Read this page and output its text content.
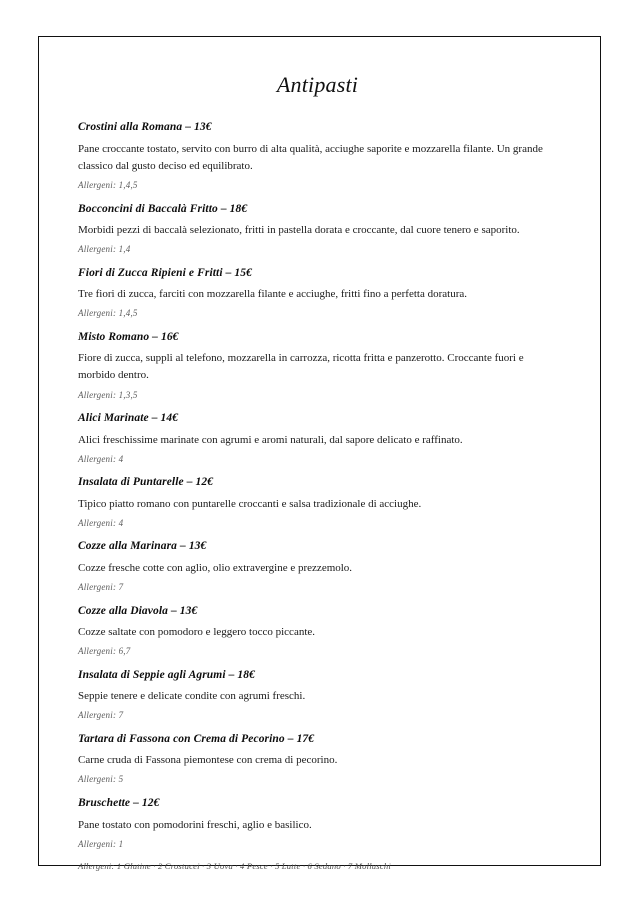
Antipasti
Crostini alla Romana – 13€
Pane croccante tostato, servito con burro di alta qualità, acciughe saporite e mozzarella filante. Un grande classico dal gusto deciso ed equilibrato.
Allergeni: 1,4,5
Bocconcini di Baccalà Fritto – 18€
Morbidi pezzi di baccalà selezionato, fritti in pastella dorata e croccante, dal cuore tenero e saporito.
Allergeni: 1,4
Fiori di Zucca Ripieni e Fritti – 15€
Tre fiori di zucca, farciti con mozzarella filante e acciughe, fritti fino a perfetta doratura.
Allergeni: 1,4,5
Misto Romano – 16€
Fiore di zucca, suppli al telefono, mozzarella in carrozza, ricotta fritta e panzerotto. Croccante fuori e morbido dentro.
Allergeni: 1,3,5
Alici Marinate – 14€
Alici freschissime marinate con agrumi e aromi naturali, dal sapore delicato e raffinato.
Allergeni: 4
Insalata di Puntarelle – 12€
Tipico piatto romano con puntarelle croccanti e salsa tradizionale di acciughe.
Allergeni: 4
Cozze alla Marinara – 13€
Cozze fresche cotte con aglio, olio extravergine e prezzemolo.
Allergeni: 7
Cozze alla Diavola – 13€
Cozze saltate con pomodoro e leggero tocco piccante.
Allergeni: 6,7
Insalata di Seppie agli Agrumi – 18€
Seppie tenere e delicate condite con agrumi freschi.
Allergeni: 7
Tartara di Fassona con Crema di Pecorino – 17€
Carne cruda di Fassona piemontese con crema di pecorino.
Allergeni: 5
Bruschette – 12€
Pane tostato con pomodorini freschi, aglio e basilico.
Allergeni: 1

Allergeni: 1 Glutine · 2 Crostacei · 3 Uova · 4 Pesce · 5 Latte · 6 Sedano · 7 Molluschi
